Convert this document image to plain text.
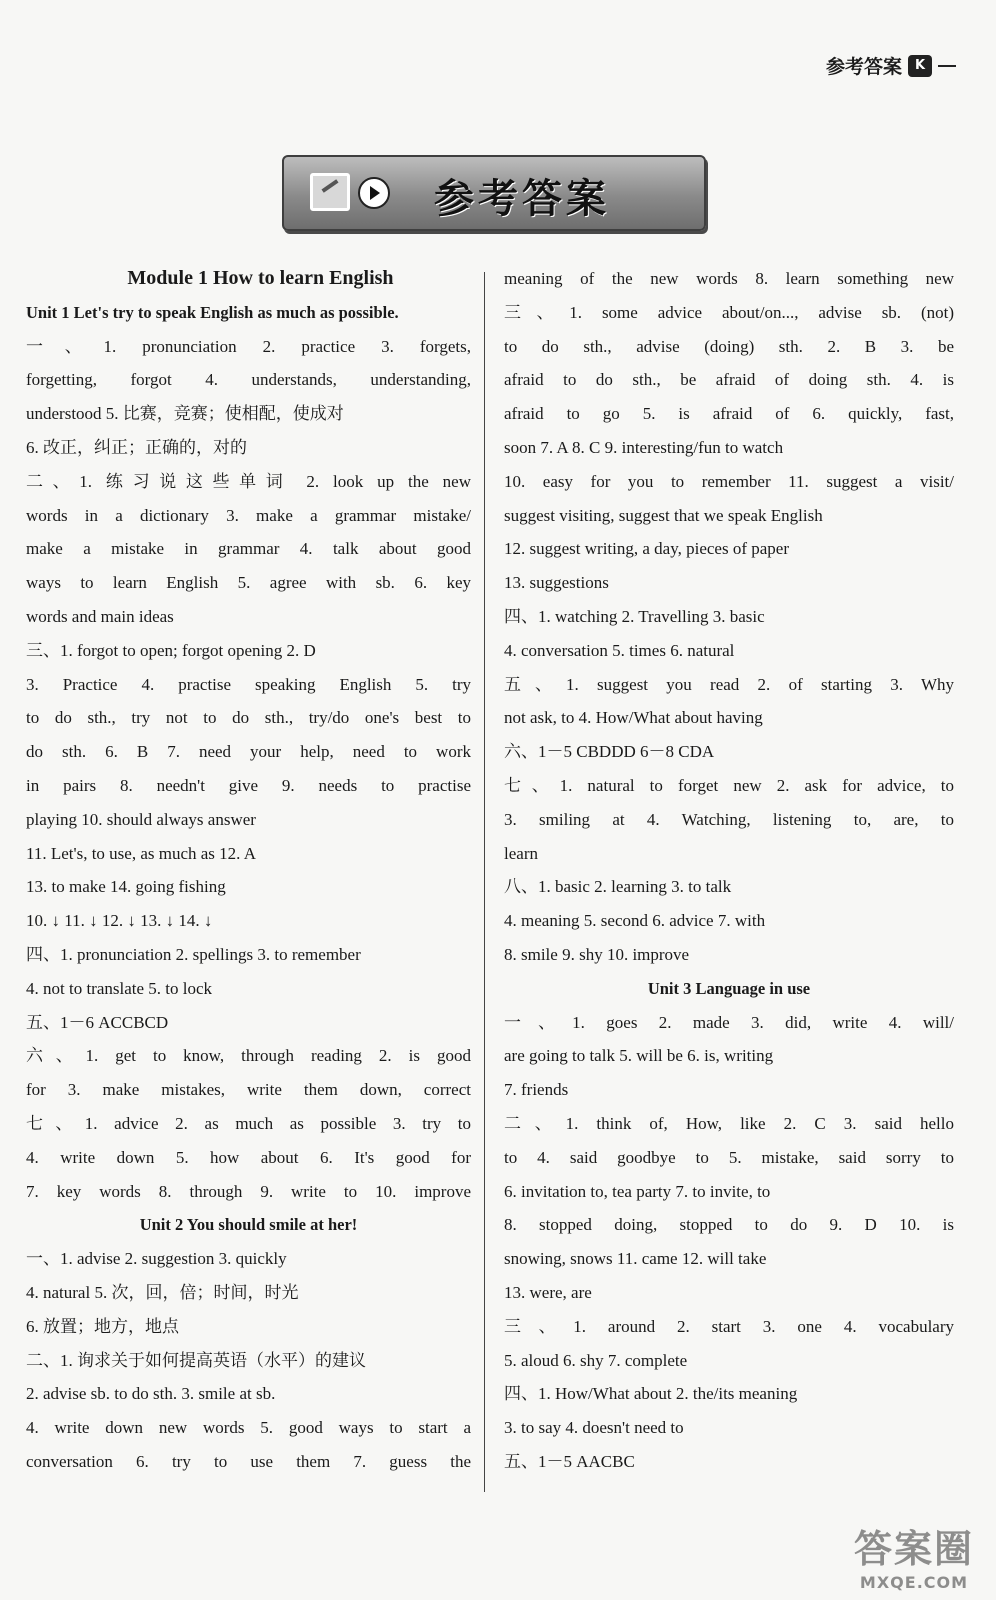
参考答案 K
参考答案
Module 1 How to learn English
Unit 1 Let's try to speak English as much as possible.
一、1. pronunciation 2. practice 3. forgets,
forgetting, forgot 4. understands, understanding,
understood 5. 比赛，竞赛；使相配，使成对
6. 改正，纠正；正确的，对的
二、1. 练习说这些单词 2. look up the new
words in a dictionary 3. make a grammar mistake/
make a mistake in grammar 4. talk about good
ways to learn English 5. agree with sb. 6. key
words and main ideas
三、1. forgot to open; forgot opening 2. D
3. Practice 4. practise speaking English 5. try
to do sth., try not to do sth., try/do one's best to
do sth. 6. B 7. need your help, need to work
in pairs 8. needn't give 9. needs to practise
playing 10. should always answer
11. Let's, to use, as much as 12. A
13. to make 14. going fishing
10. ↓ 11. ↓ 12. ↓ 13. ↓ 14. ↓
四、1. pronunciation 2. spellings 3. to remember
4. not to translate 5. to lock
五、1－6 ACCBCD
六、1. get to know, through reading 2. is good
for 3. make mistakes, write them down, correct
七、1. advice 2. as much as possible 3. try to
4. write down 5. how about 6. It's good for
7. key words 8. through 9. write to 10. improve
Unit 2 You should smile at her!
一、1. advise 2. suggestion 3. quickly
4. natural 5. 次，回，倍；时间，时光
6. 放置；地方，地点
二、1. 询求关于如何提高英语（水平）的建议
2. advise sb. to do sth. 3. smile at sb.
4. write down new words 5. good ways to start a
conversation 6. try to use them 7. guess the
meaning of the new words 8. learn something new
三、1. some advice about/on..., advise sb. (not)
to do sth., advise (doing) sth. 2. B 3. be
afraid to do sth., be afraid of doing sth. 4. is
afraid to go 5. is afraid of 6. quickly, fast,
soon 7. A 8. C 9. interesting/fun to watch
10. easy for you to remember 11. suggest a visit/
suggest visiting, suggest that we speak English
12. suggest writing, a day, pieces of paper
13. suggestions
四、1. watching 2. Travelling 3. basic
4. conversation 5. times 6. natural
五、1. suggest you read 2. of starting 3. Why
not ask, to 4. How/What about having
六、1－5 CBDDD 6－8 CDA
七、1. natural to forget new 2. ask for advice, to
3. smiling at 4. Watching, listening to, are, to
learn
八、1. basic 2. learning 3. to talk
4. meaning 5. second 6. advice 7. with
8. smile 9. shy 10. improve
Unit 3 Language in use
一、1. goes 2. made 3. did, write 4. will/
are going to talk 5. will be 6. is, writing
7. friends
二、1. think of, How, like 2. C 3. said hello
to 4. said goodbye to 5. mistake, said sorry to
6. invitation to, tea party 7. to invite, to
8. stopped doing, stopped to do 9. D 10. is
snowing, snows 11. came 12. will take
13. were, are
三、1. around 2. start 3. one 4. vocabulary
5. aloud 6. shy 7. complete
四、1. How/What about 2. the/its meaning
3. to say 4. doesn't need to
五、1－5 AACBC
答案圈
MXQE.COM
